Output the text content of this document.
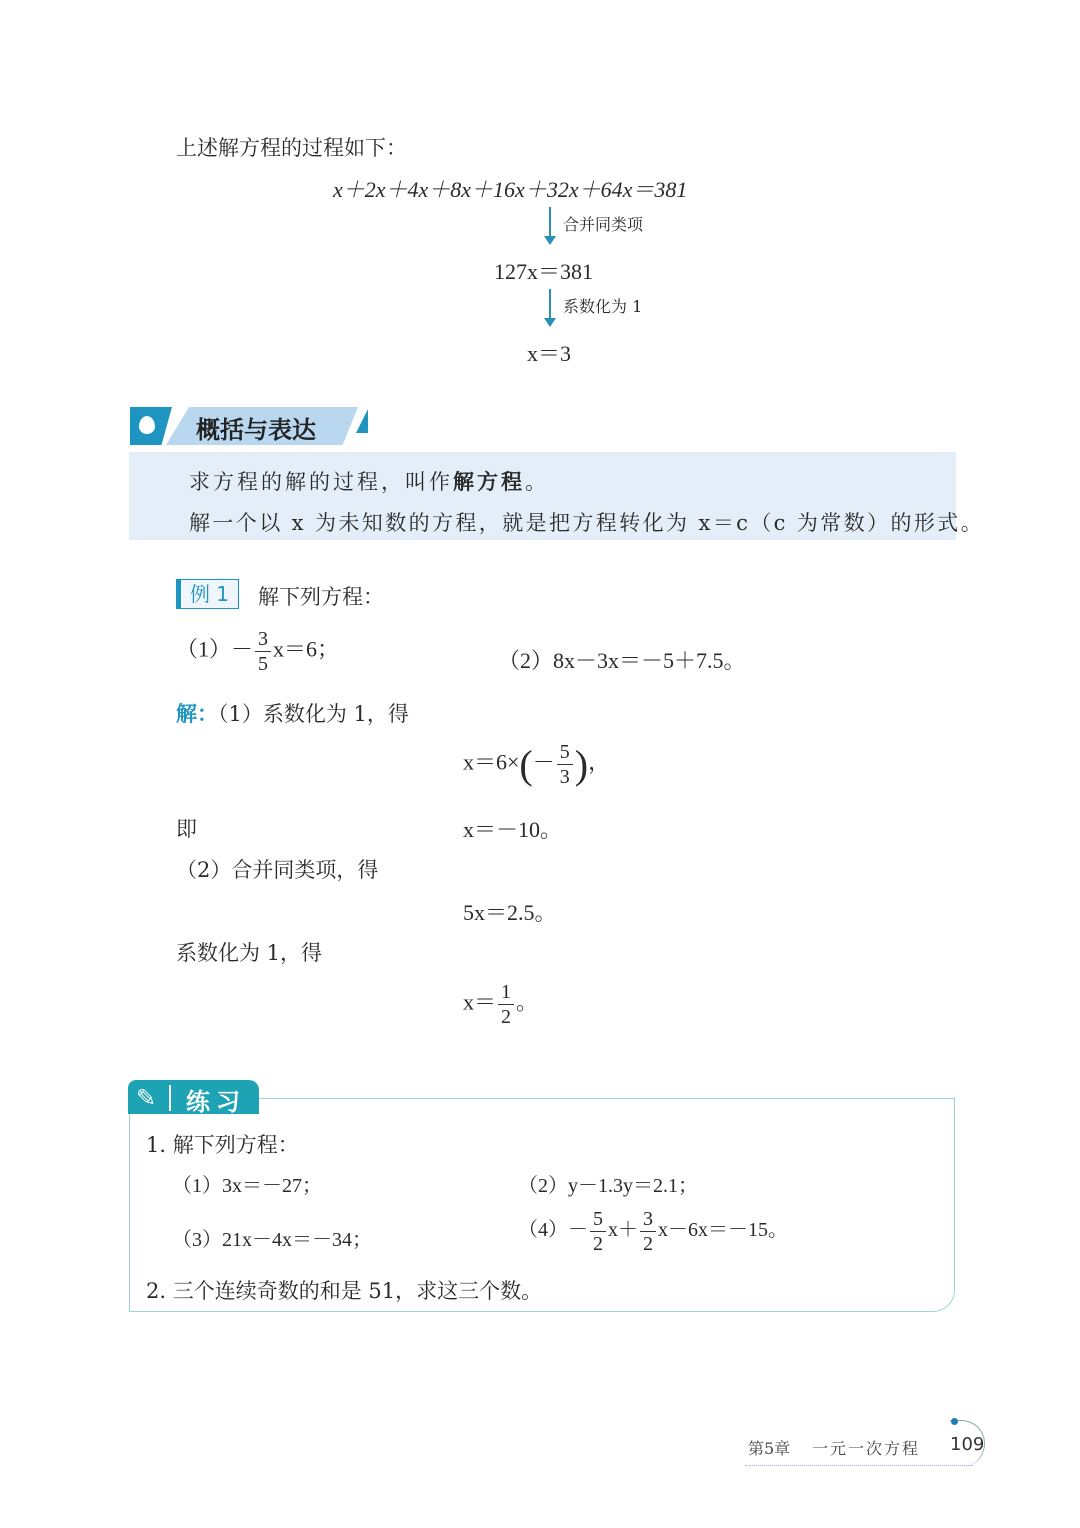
上述解方程的过程如下：
x＋2x＋4x＋8x＋16x＋32x＋64x＝381
合并同类项
127x＝381
系数化为 1
x＝3
概括与表达
求方程的解的过程，叫作解方程。
解一个以 x 为未知数的方程，就是把方程转化为 x＝c（c 为常数）的形式。
例 1	解下列方程：
$(1)- \frac{3}{5} x=6$；	（2）8x－3x＝－5＋7.5。
解：（1）系数化为 1，得
$x=6\times(- \frac{5}{3}$ )，
即	x＝－10。
（2）合并同类项，得
5x＝2.5。
系数化为 1，得
$x= \frac{1}{2}$ 。
✎ 练习
1. 解下列方程：
（1）3x＝－27；	（2）y－1.3y＝2.1；
（3）21x－4x＝－34；	$(4)- \frac{5}{2} x+ \frac{3}{2} x-6x=-15$。
2. 三个连续奇数的和是 51，求这三个数。
第5章 一元一次方程 109
